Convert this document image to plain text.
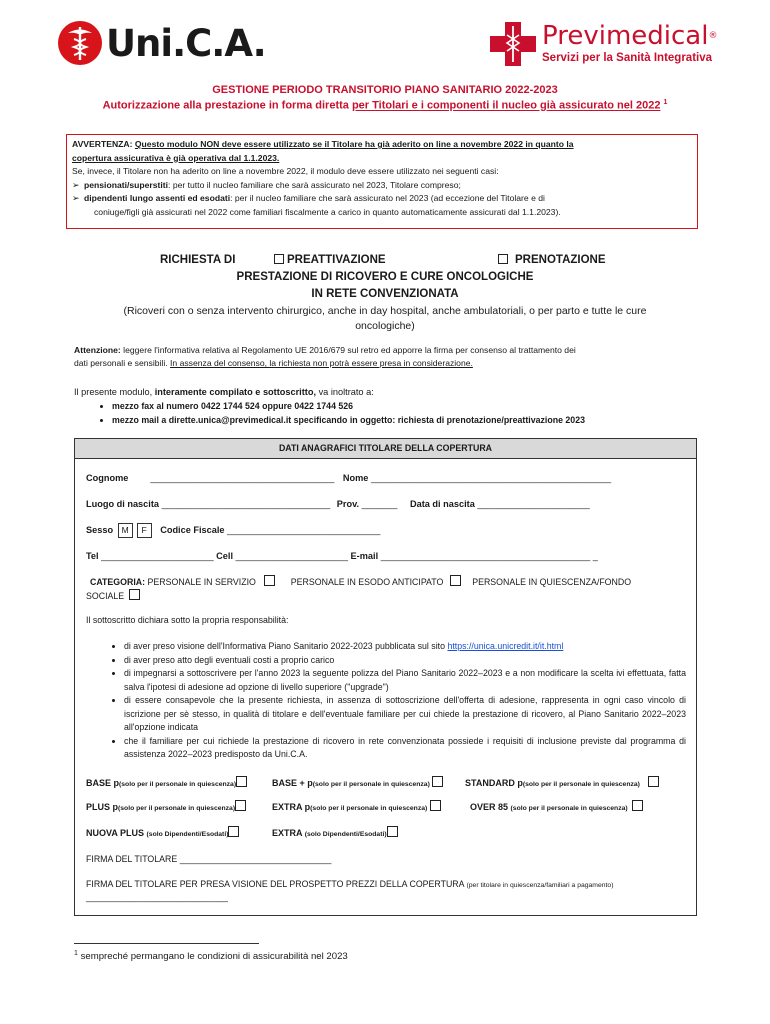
Uni.C.A.	Previmedical®
Servizi per la Sanità Integrativa
GESTIONE PERIODO TRANSITORIO PIANO SANITARIO 2022-2023
Autorizzazione alla prestazione in forma diretta per Titolari e i componenti il nucleo già assicurato nel 2022 $^1$
AVVERTENZA: Questo modulo NON deve essere utilizzato se il Titolare ha già aderito on line a novembre 2022 in quanto la
copertura assicurativa è già operativa dal 1.1.2023.
Se, invece, il Titolare non ha aderito on line a novembre 2022, il modulo deve essere utilizzato nei seguenti casi:
➢ pensionati/superstiti: per tutto il nucleo familiare che sarà assicurato nel 2023, Titolare compreso;
➢ dipendenti lungo assenti ed esodati: per il nucleo familiare che sarà assicurato nel 2023 (ad eccezione del Titolare e di
coniuge/figli già assicurati nel 2022 come familiari fiscalmente a carico in quanto automaticamente assicurati dal 1.1.2023).
RICHIESTA DI	PREATTIVAZIONE	PRENOTAZIONE
PRESTAZIONE DI RICOVERO E CURE ONCOLOGICHE
IN RETE CONVENZIONATA
(Ricoveri con o senza intervento chirurgico, anche in day hospital, anche ambulatoriali, o per parto e tutte le cure
oncologiche)
Attenzione: leggere l'informativa relativa al Regolamento UE 2016/679 sul retro ed apporre la firma per consenso al trattamento dei
dati personali e sensibili. In assenza del consenso, la richiesta non potrà essere presa in considerazione.
Il presente modulo, interamente compilato e sottoscritto, va inoltrato a:
• mezzo fax al numero 0422 1744 524 oppure 0422 1744 526
• mezzo mail a dirette.unica@previmedical.it specificando in oggetto: richiesta di prenotazione/preattivazione 2023
DATI ANAGRAFICI TITOLARE DELLA COPERTURA
Cognome ____________________________________ Nome _______________________________________________
Luogo di nascita _________________________________ Prov. _______ Data di nascita ______________________
Sesso M F Codice Fiscale ______________________________
Tel ______________________ Cell ______________________ E-mail _________________________________________ _
CATEGORIA: PERSONALE IN SERVIZIO	PERSONALE IN ESODO ANTICIPATO	PERSONALE IN QUIESCENZA/FONDO
SOCIALE
Il sottoscritto dichiara sotto la propria responsabilità:
• di aver preso visione dell'Informativa Piano Sanitario 2022-2023 pubblicata sul sito https://unica.unicredit.it/it.html
• di aver preso atto degli eventuali costi a proprio carico
• di impegnarsi a sottoscrivere per l'anno 2023 la seguente polizza del Piano Sanitario 2022–2023 e a non modificare la scelta ivi effettuata, fatta salva l'ipotesi di adesione ad opzione di livello superiore ("upgrade")
• di essere consapevole che la presente richiesta, in assenza di sottoscrizione dell'offerta di adesione, rappresenta in ogni caso vincolo di iscrizione per sè stesso, in qualità di titolare e dell'eventuale familiare per cui chiede la prestazione di ricovero, al Piano Sanitario 2022–2023 all'opzione indicata
• che il familiare per cui richiede la prestazione di ricovero in rete convenzionata possiede i requisiti di inclusione previste dal programma di assistenza 2022–2023 predisposto da Uni.C.A.
BASE p(solo per il personale in quiescenza)	BASE + p(solo per il personale in quiescenza)	STANDARD p(solo per il personale in quiescenza)
PLUS p(solo per il personale in quiescenza)	EXTRA p(solo per il personale in quiescenza)	OVER 85 (solo per il personale in quiescenza)
NUOVA PLUS (solo Dipendenti/Esodati)	EXTRA (solo Dipendenti/Esodati)
FIRMA DEL TITOLARE _______________________________
FIRMA DEL TITOLARE PER PRESA VISIONE DEL PROSPETTO PREZZI DELLA COPERTURA (per titolare in quiescenza/familiari a pagamento)
_____________________________
$^1$ sempreché permangano le condizioni di assicurabilità nel 2023
